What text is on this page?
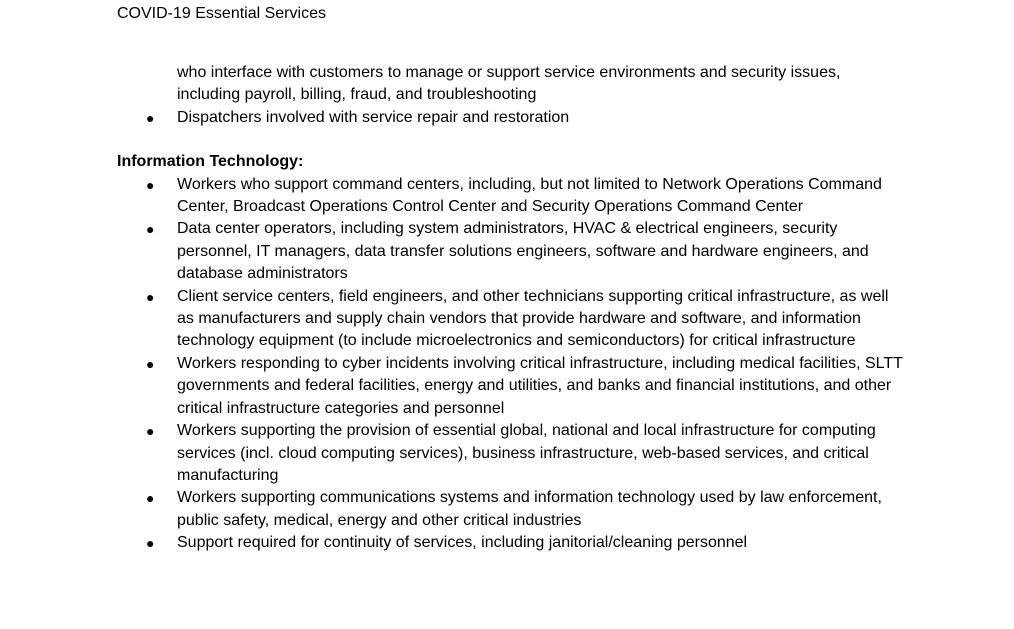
COVID-19 Essential Services
who interface with customers to manage or support service environments and security issues, including payroll, billing, fraud, and troubleshooting
● Dispatchers involved with service repair and restoration
Information Technology:
● Workers who support command centers, including, but not limited to Network Operations Command Center, Broadcast Operations Control Center and Security Operations Command Center
● Data center operators, including system administrators, HVAC & electrical engineers, security personnel, IT managers, data transfer solutions engineers, software and hardware engineers, and database administrators
● Client service centers, field engineers, and other technicians supporting critical infrastructure, as well as manufacturers and supply chain vendors that provide hardware and software, and information technology equipment (to include microelectronics and semiconductors) for critical infrastructure
● Workers responding to cyber incidents involving critical infrastructure, including medical facilities, SLTT governments and federal facilities, energy and utilities, and banks and financial institutions, and other critical infrastructure categories and personnel
● Workers supporting the provision of essential global, national and local infrastructure for computing services (incl. cloud computing services), business infrastructure, web-based services, and critical manufacturing
● Workers supporting communications systems and information technology used by law enforcement, public safety, medical, energy and other critical industries
● Support required for continuity of services, including janitorial/cleaning personnel
